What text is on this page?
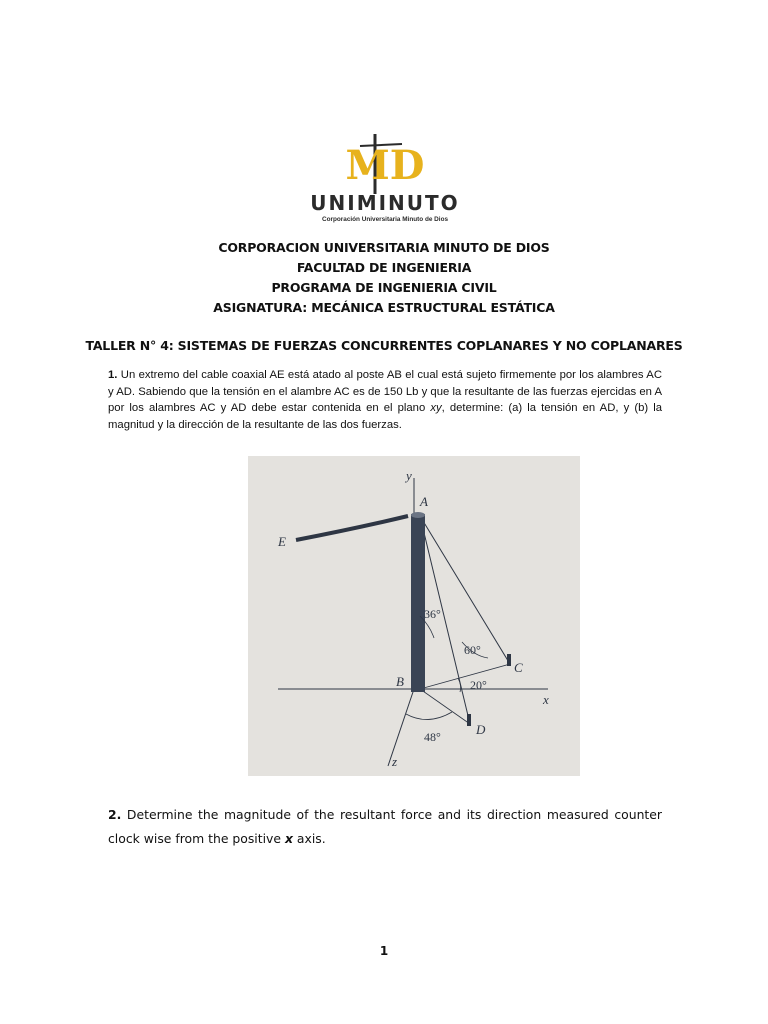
MD
UNIMINUTO
Corporación Universitaria Minuto de Dios
CORPORACION UNIVERSITARIA MINUTO DE DIOS
FACULTAD DE INGENIERIA
PROGRAMA DE INGENIERIA CIVIL
ASIGNATURA: MECÁNICA ESTRUCTURAL ESTÁTICA
TALLER N° 4: SISTEMAS DE FUERZAS CONCURRENTES COPLANARES Y NO COPLANARES
1. Un extremo del cable coaxial AE está atado al poste AB el cual está sujeto firmemente por los alambres AC y AD. Sabiendo que la tensión en el alambre AC es de 150 Lb y que la resultante de las fuerzas ejercidas en A por los alambres AC y AD debe estar contenida en el plano xy, determine: (a) la tensión en AD, y (b) la magnitud y la dirección de la resultante de las dos fuerzas.
y
x
z
A
B
C
D
E
36°
60°
20°
48°
2. Determine the magnitude of the resultant force and its direction measured counter clock wise from the positive x axis.
1
